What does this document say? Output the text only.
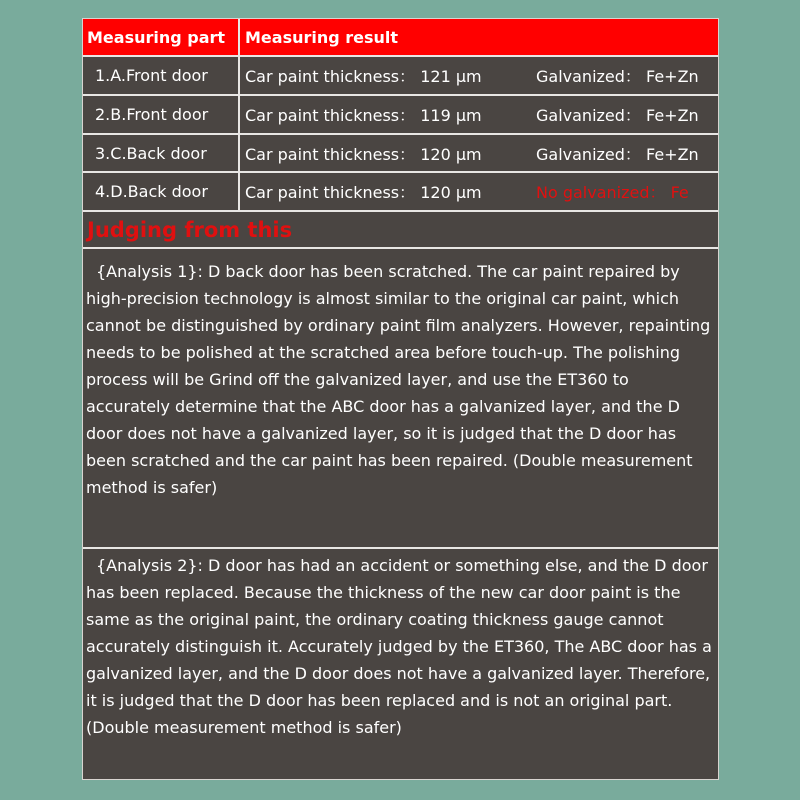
Measuring part	Measuring result
1.A.Front door	Car paint thickness： 121 μm	Galvanized： Fe+Zn
2.B.Front door	Car paint thickness： 119 μm	Galvanized： Fe+Zn
3.C.Back door	Car paint thickness： 120 μm	Galvanized： Fe+Zn
4.D.Back door	Car paint thickness： 120 μm	No galvanized： Fe
Judging from this
{Analysis 1}: D back door has been scratched. The car paint repaired by high-precision technology is almost similar to the original car paint, which cannot be distinguished by ordinary paint film analyzers. However, repainting needs to be polished at the scratched area before touch-up. The polishing process will be Grind off the galvanized layer, and use the ET360 to accurately determine that the ABC door has a galvanized layer, and the D door does not have a galvanized layer, so it is judged that the D door has been scratched and the car paint has been repaired. (Double measurement method is safer)
{Analysis 2}: D door has had an accident or something else, and the D door has been replaced. Because the thickness of the new car door paint is the same as the original paint, the ordinary coating thickness gauge cannot accurately distinguish it. Accurately judged by the ET360, The ABC door has a galvanized layer, and the D door does not have a galvanized layer. Therefore, it is judged that the D door has been replaced and is not an original part. (Double measurement method is safer)
